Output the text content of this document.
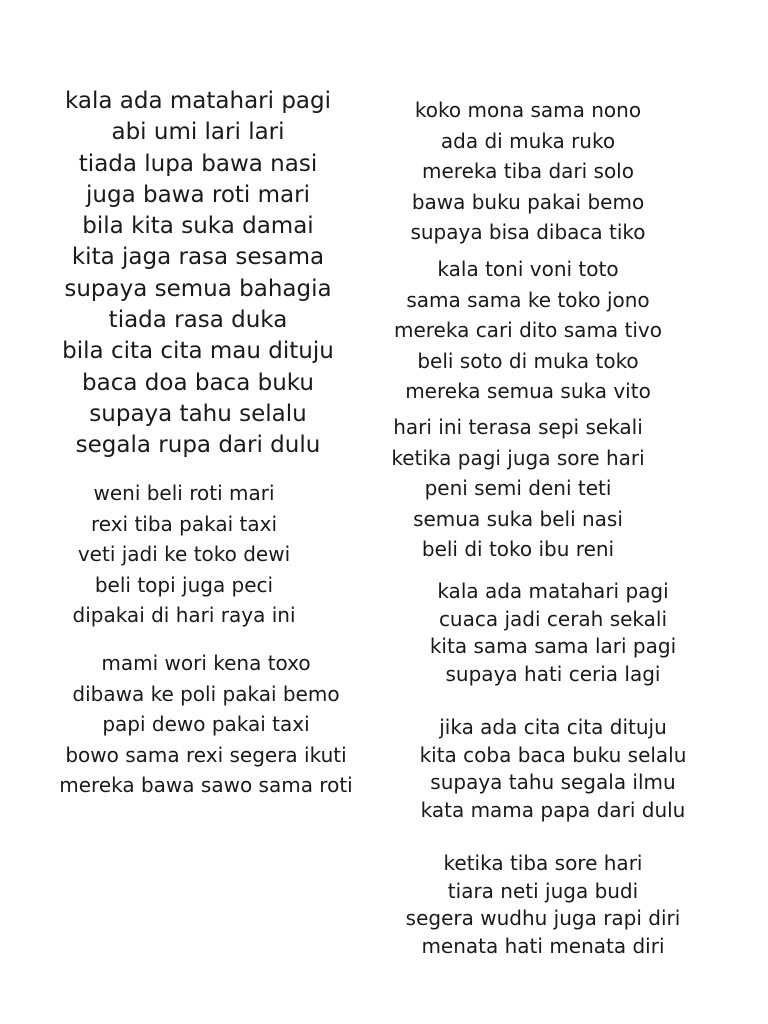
kala ada matahari pagi
abi umi lari lari
tiada lupa bawa nasi
juga bawa roti mari
bila kita suka damai
kita jaga rasa sesama
supaya semua bahagia
tiada rasa duka
bila cita cita mau dituju
baca doa baca buku
supaya tahu selalu
segala rupa dari dulu
weni beli roti mari
rexi tiba pakai taxi
veti jadi ke toko dewi
beli topi juga peci
dipakai di hari raya ini
mami wori kena toxo
dibawa ke poli pakai bemo
papi dewo pakai taxi
bowo sama rexi segera ikuti
mereka bawa sawo sama roti
koko mona sama nono
ada di muka ruko
mereka tiba dari solo
bawa buku pakai bemo
supaya bisa dibaca tiko
kala toni voni toto
sama sama ke toko jono
mereka cari dito sama tivo
beli soto di muka toko
mereka semua suka vito
hari ini terasa sepi sekali
ketika pagi juga sore hari
peni semi deni teti
semua suka beli nasi
beli di toko ibu reni
kala ada matahari pagi
cuaca jadi cerah sekali
kita sama sama lari pagi
supaya hati ceria lagi
jika ada cita cita dituju
kita coba baca buku selalu
supaya tahu segala ilmu
kata mama papa dari dulu
ketika tiba sore hari
tiara neti juga budi
segera wudhu juga rapi diri
menata hati menata diri
